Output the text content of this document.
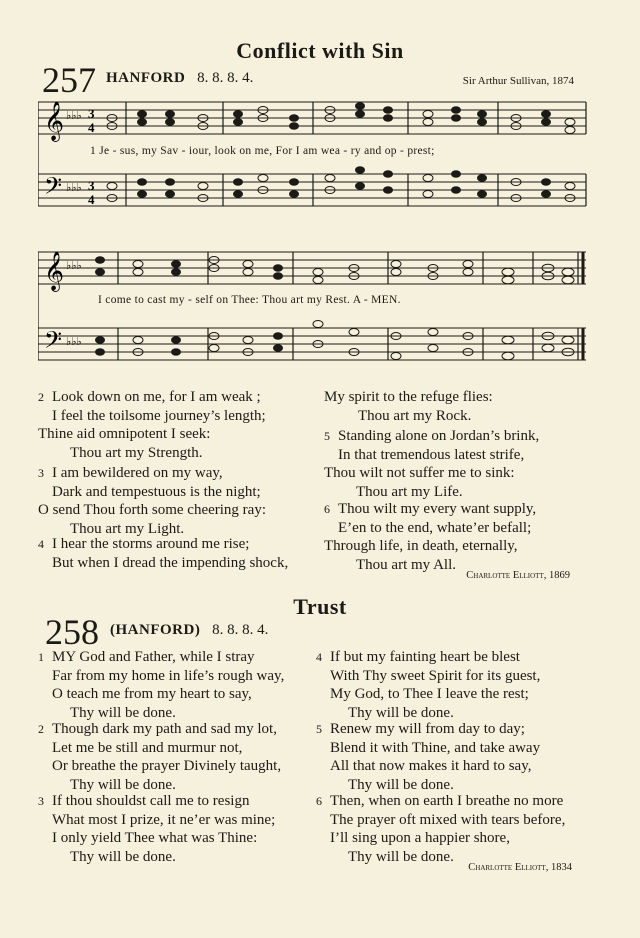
Conflict with Sin
257 HANFORD 8. 8. 8. 4.	Sir Arthur Sullivan, 1874
𝄞
𝄢
♭♭♭
♭♭♭
3
4
3
4
1 Je - sus, my Sav - iour, look on me, For I am wea - ry and op - prest;
𝄞
𝄢
♭♭♭
♭♭♭
I come to cast my - self on Thee: Thou art my Rest. A - MEN.
2 Look down on me, for I am weak ;
I feel the toilsome journey’s length;
Thine aid omnipotent I seek:
Thou art my Strength.
3 I am bewildered on my way,
Dark and tempestuous is the night;
O send Thou forth some cheering ray:
Thou art my Light.
4 I hear the storms around me rise;
But when I dread the impending shock,
My spirit to the refuge flies:
Thou art my Rock.
5 Standing alone on Jordan’s brink,
In that tremendous latest strife,
Thou wilt not suffer me to sink:
Thou art my Life.
6 Thou wilt my every want supply,
E’en to the end, whate’er befall;
Through life, in death, eternally,
Thou art my All.
Charlotte Elliott, 1869
Trust
258 (HANFORD) 8. 8. 8. 4.
1 MY God and Father, while I stray
Far from my home in life’s rough way,
O teach me from my heart to say,
Thy will be done.
2 Though dark my path and sad my lot,
Let me be still and murmur not,
Or breathe the prayer Divinely taught,
Thy will be done.
3 If thou shouldst call me to resign
What most I prize, it ne’er was mine;
I only yield Thee what was Thine:
Thy will be done.
4 If but my fainting heart be blest
With Thy sweet Spirit for its guest,
My God, to Thee I leave the rest;
Thy will be done.
5 Renew my will from day to day;
Blend it with Thine, and take away
All that now makes it hard to say,
Thy will be done.
6 Then, when on earth I breathe no more
The prayer oft mixed with tears before,
I’ll sing upon a happier shore,
Thy will be done.
Charlotte Elliott, 1834
